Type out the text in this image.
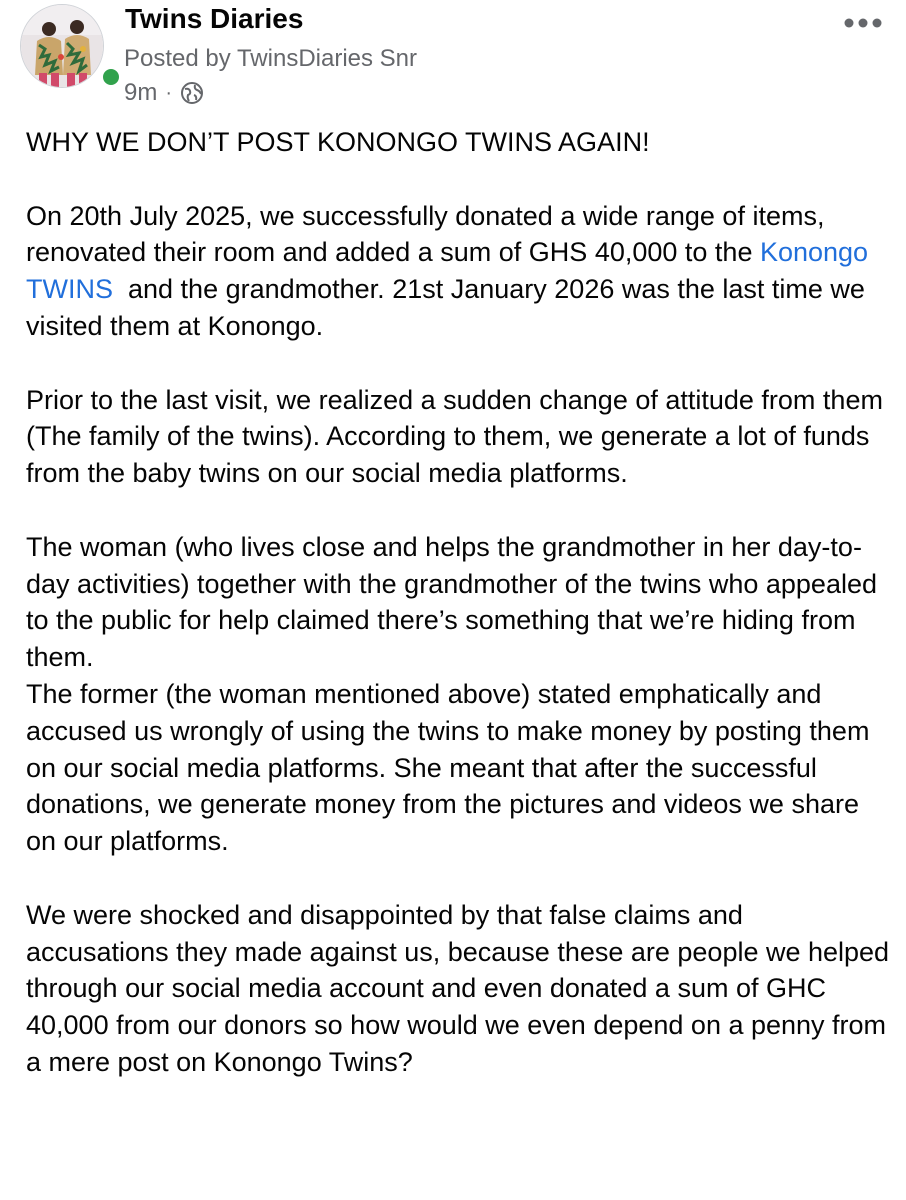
Twins Diaries
Posted by TwinsDiaries Snr
9m ·

WHY WE DON’T POST KONONGO TWINS AGAIN!

On 20th July 2025, we successfully donated a wide range of items, renovated their room and added a sum of GHS 40,000 to the Konongo TWINS  and the grandmother. 21st January 2026 was the last time we visited them at Konongo.

Prior to the last visit, we realized a sudden change of attitude from them (The family of the twins). According to them, we generate a lot of funds from the baby twins on our social media platforms.

The woman (who lives close and helps the grandmother in her day-to-day activities) together with the grandmother of the twins who appealed to the public for help claimed there’s something that we’re hiding from them.

The former (the woman mentioned above) stated emphatically and accused us wrongly of using the twins to make money by posting them on our social media platforms. She meant that after the successful donations, we generate money from the pictures and videos we share on our platforms.

We were shocked and disappointed by that false claims and accusations they made against us, because these are people we helped through our social media account and even donated a sum of GHC 40,000 from our donors so how would we even depend on a penny from a mere post on Konongo Twins?
